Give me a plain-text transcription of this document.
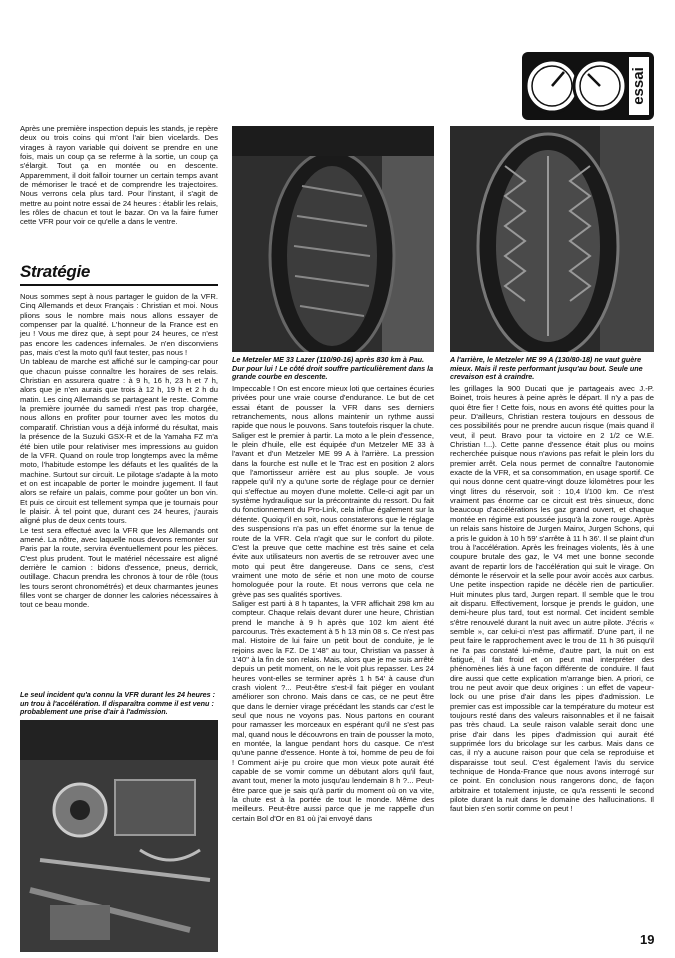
essai

Après une première inspection depuis les stands, je repère deux ou trois coins qui m'ont l'air bien vicelards. Des virages à rayon variable qui doivent se prendre en une fois, mais un coup ça se referme à la sortie, un coup ça s'élargit. Tout ça en montée ou en descente. Apparemment, il doit falloir tourner un certain temps avant de mémoriser le tracé et de comprendre les trajectoires. Nous verrons cela plus tard. Pour l'instant, il s'agit de mettre au point notre essai de 24 heures : établir les relais, les rôles de chacun et tout le bazar. On va la faire fumer cette VFR pour voir ce qu'elle a dans le ventre.

Stratégie

Nous sommes sept à nous partager le guidon de la VFR. Cinq Allemands et deux Français : Christian et moi. Nous plions sous le nombre mais nous allons essayer de compenser par la qualité. L'honneur de la France est en jeu ! Vous me direz que, à sept pour 24 heures, ce n'est pas encore les cadences infernales. Je n'en disconviens pas, mais c'est la moto qu'il faut tester, pas nous !

Un tableau de marche est affiché sur le camping-car pour que chacun puisse connaître les horaires de ses relais. Christian en assurera quatre : à 9 h, 16 h, 23 h et 7 h, alors que je n'en aurais que trois à 12 h, 19 h et 2 h du matin. Les cinq Allemands se partageant le reste. Comme la première journée du samedi n'est pas trop chargée, nous allons en profiter pour tourner avec les motos du comparatif. Christian vous a déjà informé du résultat, mais la présence de la Suzuki GSX-R et de la Yamaha FZ m'a été bien utile pour relativiser mes impressions au guidon de la VFR. Quand on roule trop longtemps avec la même moto, l'habitude estompe les défauts et les qualités de la machine. Surtout sur circuit. Le pilotage s'adapte à la moto et on est incapable de porter le moindre jugement. Il faut alors se refaire un palais, comme pour goûter un bon vin. Et puis ce circuit est tellement sympa que je tournais pour le plaisir. À tel point que, durant ces 24 heures, j'aurais aligné plus de deux cents tours.

Le test sera effectué avec la VFR que les Allemands ont amené. La nôtre, avec laquelle nous devons remonter sur Paris par la route, servira éventuellement pour les pièces. C'est plus prudent. Tout le matériel nécessaire est aligné derrière le camion : bidons d'essence, pneus, derrick, outillage. Chacun prendra les chronos à tour de rôle (tous les tours seront chronométrés) et deux charmantes jeunes filles vont se charger de donner les calories nécessaires à tout ce beau monde.

Le seul incident qu'a connu la VFR durant les 24 heures : un trou à l'accélération. Il disparaîtra comme il est venu : probablement une prise d'air à l'admission.

Le Metzeler ME 33 Lazer (110/90-16) après 830 km à Pau. Dur pour lui ! Le côté droit souffre particulièrement dans la grande courbe en descente.

A l'arrière, le Metzeler ME 99 A (130/80-18) ne vaut guère mieux. Mais il reste performant jusqu'au bout. Seule une crevaison est à craindre.

Impeccable ! On est encore mieux loti que certaines écuries privées pour une vraie course d'endurance. Le but de cet essai étant de pousser la VFR dans ses derniers retranchements, nous allons maintenir un rythme aussi rapide que nous le pouvons. Sans toutefois risquer la chute. Saliger est le premier à partir. La moto a le plein d'essence, le plein d'huile, elle est équipée d'un Metzeler ME 33 à l'avant et d'un Metzeler ME 99 A à l'arrière. La pression dans la fourche est nulle et le Trac est en position 2 alors que l'amortisseur arrière est au plus souple. Je vous rappele qu'il n'y a qu'une sorte de réglage pour ce dernier qui s'effectue au moyen d'une molette. Celle-ci agit par un système hydraulique sur la précontrainte du ressort. Du fait du fonctionnement du Pro-Link, cela influe également sur la détente. Quoiqu'il en soit, nous constaterons que le réglage des suspensions n'a pas un effet énorme sur la tenue de route de la VFR. Cela n'agit que sur le confort du pilote. C'est la preuve que cette machine est très saine et cela évite aux utilisateurs non avertis de se retrouver avec une moto qui peut être dangereuse. Dans ce sens, c'est vraiment une moto de série et non une moto de course homologuée pour la route. Et nous verrons que cela ne grève pas ses qualités sportives.

Saliger est parti à 8 h tapantes, la VFR affichait 298 km au compteur. Chaque relais devant durer une heure, Christian prend le manche à 9 h après que 102 km aient été parcourus. Très exactement à 5 h 13 min 08 s. Ce n'est pas mal. Histoire de lui faire un petit bout de conduite, je le rejoins avec la FZ. De 1'48'' au tour, Christian va passer à 1'40'' à la fin de son relais. Mais, alors que je me suis arrêté depuis un petit moment, on ne le voit plus repasser. Les 24 heures vont-elles se terminer après 1 h 54' à cause d'un crash violent ?... Peut-être s'est-il fait piéger en voulant améliorer son chrono. Mais dans ce cas, ce ne peut être que dans le dernier virage précédant les stands car c'est le seul que nous ne voyons pas. Nous partons en courant pour ramasser les morceaux en espérant qu'il ne s'est pas mal, quand nous le découvrons en train de pousser la moto, en montée, la langue pendant hors du casque. Ce n'est qu'une panne d'essence. Honte à toi, homme de peu de foi ! Comment ai-je pu croire que mon vieux pote aurait été capable de se vomir comme un débutant alors qu'il faut, avant tout, mener la moto jusqu'au lendemain 8 h ?... Peut-être parce que je sais qu'à partir du moment où on va vite, la chute est à la portée de tout le monde. Même des meilleurs. Peut-être aussi parce que je me rappelle d'un certain Bol d'Or en 81 où j'ai envoyé dans

les grillages la 900 Ducati que je partageais avec J.-P. Boinet, trois heures à peine après le départ. Il n'y a pas de quoi être fier ! Cette fois, nous en avons été quittes pour la peur. D'ailleurs, Christian restera toujours en dessous de ces possibilités pour ne prendre aucun risque (mais quand il veut, il peut. Bravo pour ta victoire en 2 1/2 ce W.E. Christian !...). Cette panne d'essence était plus ou moins recherchée puisque nous n'avions pas refait le plein lors du premier arrêt. Cela nous permet de connaître l'autonomie exacte de la VFR, et sa consommation, en usage sportif. Ce qui nous donne cent quatre-vingt douze kilomètres pour les vingt litres du réservoir, soit : 10,4 l/100 km. Ce n'est vraiment pas énorme car ce circuit est très sinueux, donc beaucoup d'accélérations les gaz grand ouvert, et chaque montée en régime est poussée jusqu'à la zone rouge. Après un relais sans histoire de Jurgen Mainx, Jurgen Schons, qui a pris le guidon à 10 h 59' s'arrête à 11 h 36'. Il se plaint d'un trou à l'accélération. Après les freinages violents, lès à une coupure brutale des gaz, le V4 met une bonne seconde avant de repartir lors de l'accélération qui suit le virage. On démonte le réservoir et la selle pour avoir accès aux carbus. Une petite inspection rapide ne décèle rien de particulier. Huit minutes plus tard, Jurgen repart. Il semble que le trou ait disparu. Effectivement, lorsque je prends le guidon, une demi-heure plus tard, tout est normal. Cet incident semble s'être renouvelé durant la nuit avec un autre pilote. J'écris « semble », car celui-ci n'est pas affirmatif. D'une part, il ne peut faire le rapprochement avec le trou de 11 h 36 puisqu'il ne l'a pas constaté lui-même, d'autre part, la nuit on est fatigué, il fait froid et on peut mal interpréter des phénomènes liés à une façon différente de conduire. Il faut dire aussi que cette explication m'arrange bien. A priori, ce trou ne peut avoir que deux origines : un effet de vapeur-lock ou une prise d'air dans les pipes d'admission. Le premier cas est impossible car la température du moteur est toujours resté dans des valeurs raisonnables et il ne faisait pas très chaud. La seule raison valable serait donc une prise d'air dans les pipes d'admission qui aurait été supprimée lors du bricolage sur les carbus. Mais dans ce cas, il n'y a aucune raison pour que cela se reproduise et disparaisse tout seul. C'est également l'avis du service technique de Honda-France que nous avons interrogé sur ce point. En conclusion nous rangerons donc, de façon arbitraire et totalement injuste, ce qu'a ressenti le second pilote durant la nuit dans le domaine des hallucinations. Il faut bien s'en sortir comme on peut !

19
